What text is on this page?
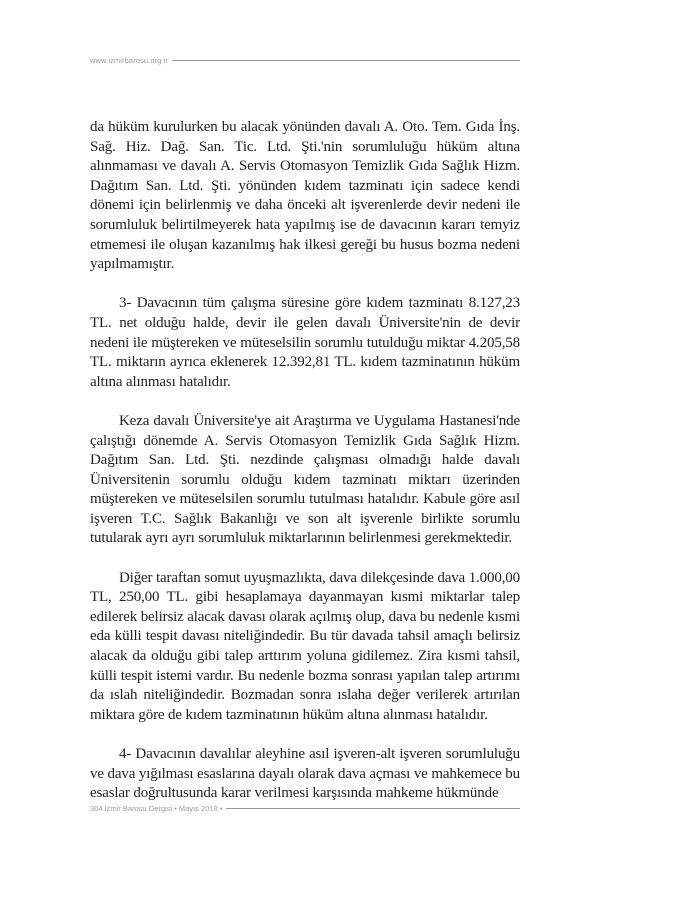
www.izmirbarosu.org.tr

da hüküm kurulurken bu alacak yönünden davalı A. Oto. Tem. Gıda İnş. Sağ. Hiz. Dağ. San. Tic. Ltd. Şti.'nin sorumluluğu hüküm altına alınmaması ve davalı A. Servis Otomasyon Temizlik Gıda Sağlık Hizm. Dağıtım San. Ltd. Şti. yönünden kıdem tazminatı için sadece kendi dönemi için belirlenmiş ve daha önceki alt işverenlerde devir nedeni ile sorumluluk belirtilmeyerek hata yapılmış ise de davacının kararı temyiz etmemesi ile oluşan kazanılmış hak ilkesi gereği bu husus bozma nedeni yapılmamıştır.

3- Davacının tüm çalışma süresine göre kıdem tazminatı 8.127,23 TL. net olduğu halde, devir ile gelen davalı Üniversite'nin de devir nedeni ile müştereken ve müteselsilin sorumlu tutulduğu miktar 4.205,58 TL. miktarın ayrıca eklenerek 12.392,81 TL. kıdem tazminatının hüküm altına alınması hatalıdır.

Keza davalı Üniversite'ye ait Araştırma ve Uygulama Hastanesi'nde çalıştığı dönemde A. Servis Otomasyon Temizlik Gıda Sağlık Hizm. Dağıtım San. Ltd. Şti. nezdinde çalışması olmadığı halde davalı Üniversitenin sorumlu olduğu kıdem tazminatı miktarı üzerinden müştereken ve müteselsilen sorumlu tutulması hatalıdır. Kabule göre asıl işveren T.C. Sağlık Bakanlığı ve son alt işverenle birlikte sorumlu tutularak ayrı ayrı sorumluluk miktarlarının belirlenmesi gerekmektedir.

Diğer taraftan somut uyuşmazlıkta, dava dilekçesinde dava 1.000,00 TL, 250,00 TL. gibi hesaplamaya dayanmayan kısmi miktarlar talep edilerek belirsiz alacak davası olarak açılmış olup, dava bu nedenle kısmi eda külli tespit davası niteliğindedir. Bu tür davada tahsil amaçlı belirsiz alacak da olduğu gibi talep arttırım yoluna gidilemez. Zira kısmi tahsil, külli tespit istemi vardır. Bu nedenle bozma sonrası yapılan talep artırımı da ıslah niteliğindedir. Bozmadan sonra ıslaha değer verilerek artırılan miktara göre de kıdem tazminatının hüküm altına alınması hatalıdır.

4- Davacının davalılar aleyhine asıl işveren-alt işveren sorumluluğu ve dava yığılması esaslarına dayalı olarak dava açması ve mahkemece bu esaslar doğrultusunda karar verilmesi karşısında mahkeme hükmünde

364 İzmir Barosu Dergisi • Mayıs 2018 •
